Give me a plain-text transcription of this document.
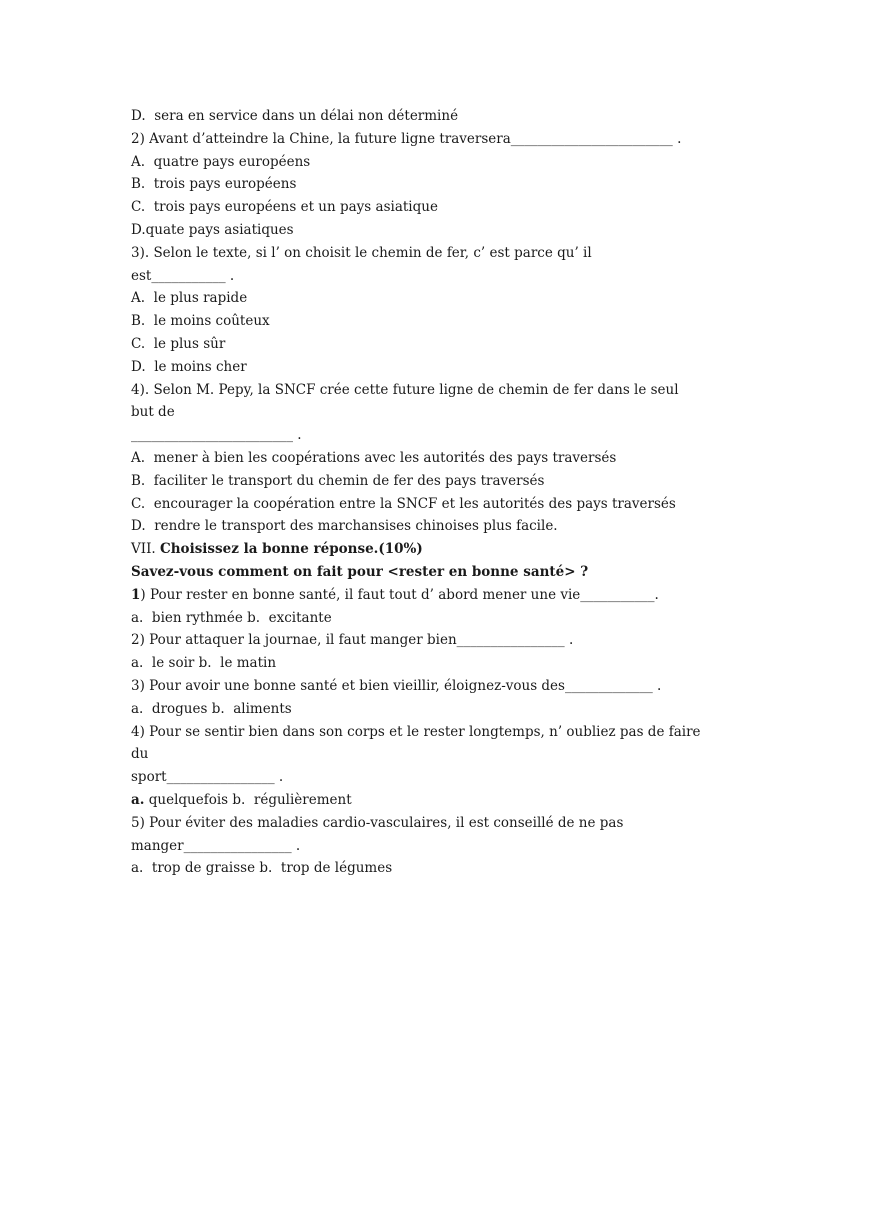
D.  sera en service dans un délai non déterminé
2) Avant d’atteindre la Chine, la future ligne traversera________________________ .
A.  quatre pays européens
B.  trois pays européens
C.  trois pays européens et un pays asiatique
D.quate pays asiatiques
3). Selon le texte, si l’ on choisit le chemin de fer, c’ est parce qu’ il
est___________ .
A.  le plus rapide
B.  le moins coûteux
C.  le plus sûr
D.  le moins cher
4). Selon M. Pepy, la SNCF crée cette future ligne de chemin de fer dans le seul
but de
________________________ .
A.  mener à bien les coopérations avec les autorités des pays traversés
B.  faciliter le transport du chemin de fer des pays traversés
C.  encourager la coopération entre la SNCF et les autorités des pays traversés
D.  rendre le transport des marchansises chinoises plus facile.
VII. Choisissez la bonne réponse.(10%)
Savez-vous comment on fait pour <rester en bonne santé> ?
1) Pour rester en bonne santé, il faut tout d’ abord mener une vie___________.
a.  bien rythmée b.  excitante
2) Pour attaquer la journae, il faut manger bien________________ .
a.  le soir b.  le matin
3) Pour avoir une bonne santé et bien vieillir, éloignez-vous des_____________ .
a.  drogues b.  aliments
4) Pour se sentir bien dans son corps et le rester longtemps, n’ oubliez pas de faire
du
sport________________ .
a. quelquefois b.  régulièrement
5) Pour éviter des maladies cardio-vasculaires, il est conseillé de ne pas
manger________________ .
a.  trop de graisse b.  trop de légumes
